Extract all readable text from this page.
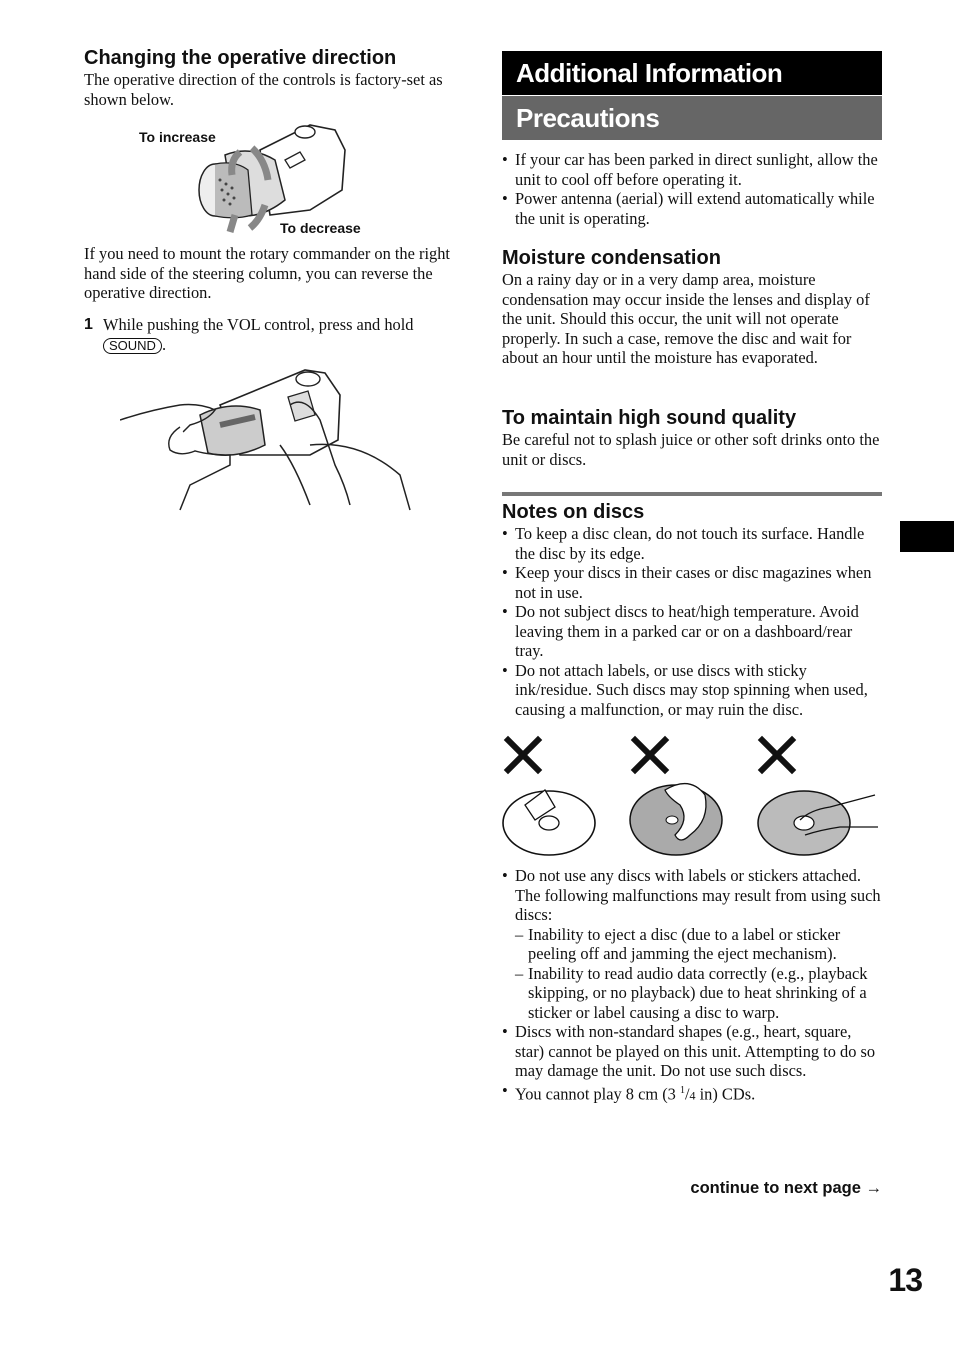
Changing the operative direction

The operative direction of the controls is factory-set as shown below.

To increase
To decrease
If you need to mount the rotary commander on the right hand side of the steering column, you can reverse the operative direction.
1 While pushing the VOL control, press and hold SOUND .
Additional Information
Precautions
• If your car has been parked in direct sunlight, allow the unit to cool off before operating it.
• Power antenna (aerial) will extend automatically while the unit is operating.

Moisture condensation

On a rainy day or in a very damp area, moisture condensation may occur inside the lenses and display of the unit. Should this occur, the unit will not operate properly. In such a case, remove the disc and wait for about an hour until the moisture has evaporated.

To maintain high sound quality

Be careful not to splash juice or other soft drinks onto the unit or discs.

Notes on discs

• To keep a disc clean, do not touch its surface. Handle the disc by its edge.
• Keep your discs in their cases or disc magazines when not in use.
• Do not subject discs to heat/high temperature. Avoid leaving them in a parked car or on a dashboard/rear tray.
• Do not attach labels, or use discs with sticky ink/residue. Such discs may stop spinning when used, causing a malfunction, or may ruin the disc.
• Do not use any discs with labels or stickers attached.
The following malfunctions may result from using such discs:
– Inability to eject a disc (due to a label or sticker peeling off and jamming the eject mechanism).
– Inability to read audio data correctly (e.g., playback skipping, or no playback) due to heat shrinking of a sticker or label causing a disc to warp.
• Discs with non-standard shapes (e.g., heart, square, star) cannot be played on this unit. Attempting to do so may damage the unit. Do not use such discs.
• You cannot play 8 cm (3 $^1$/4 in) CDs.
continue to next page →
13
